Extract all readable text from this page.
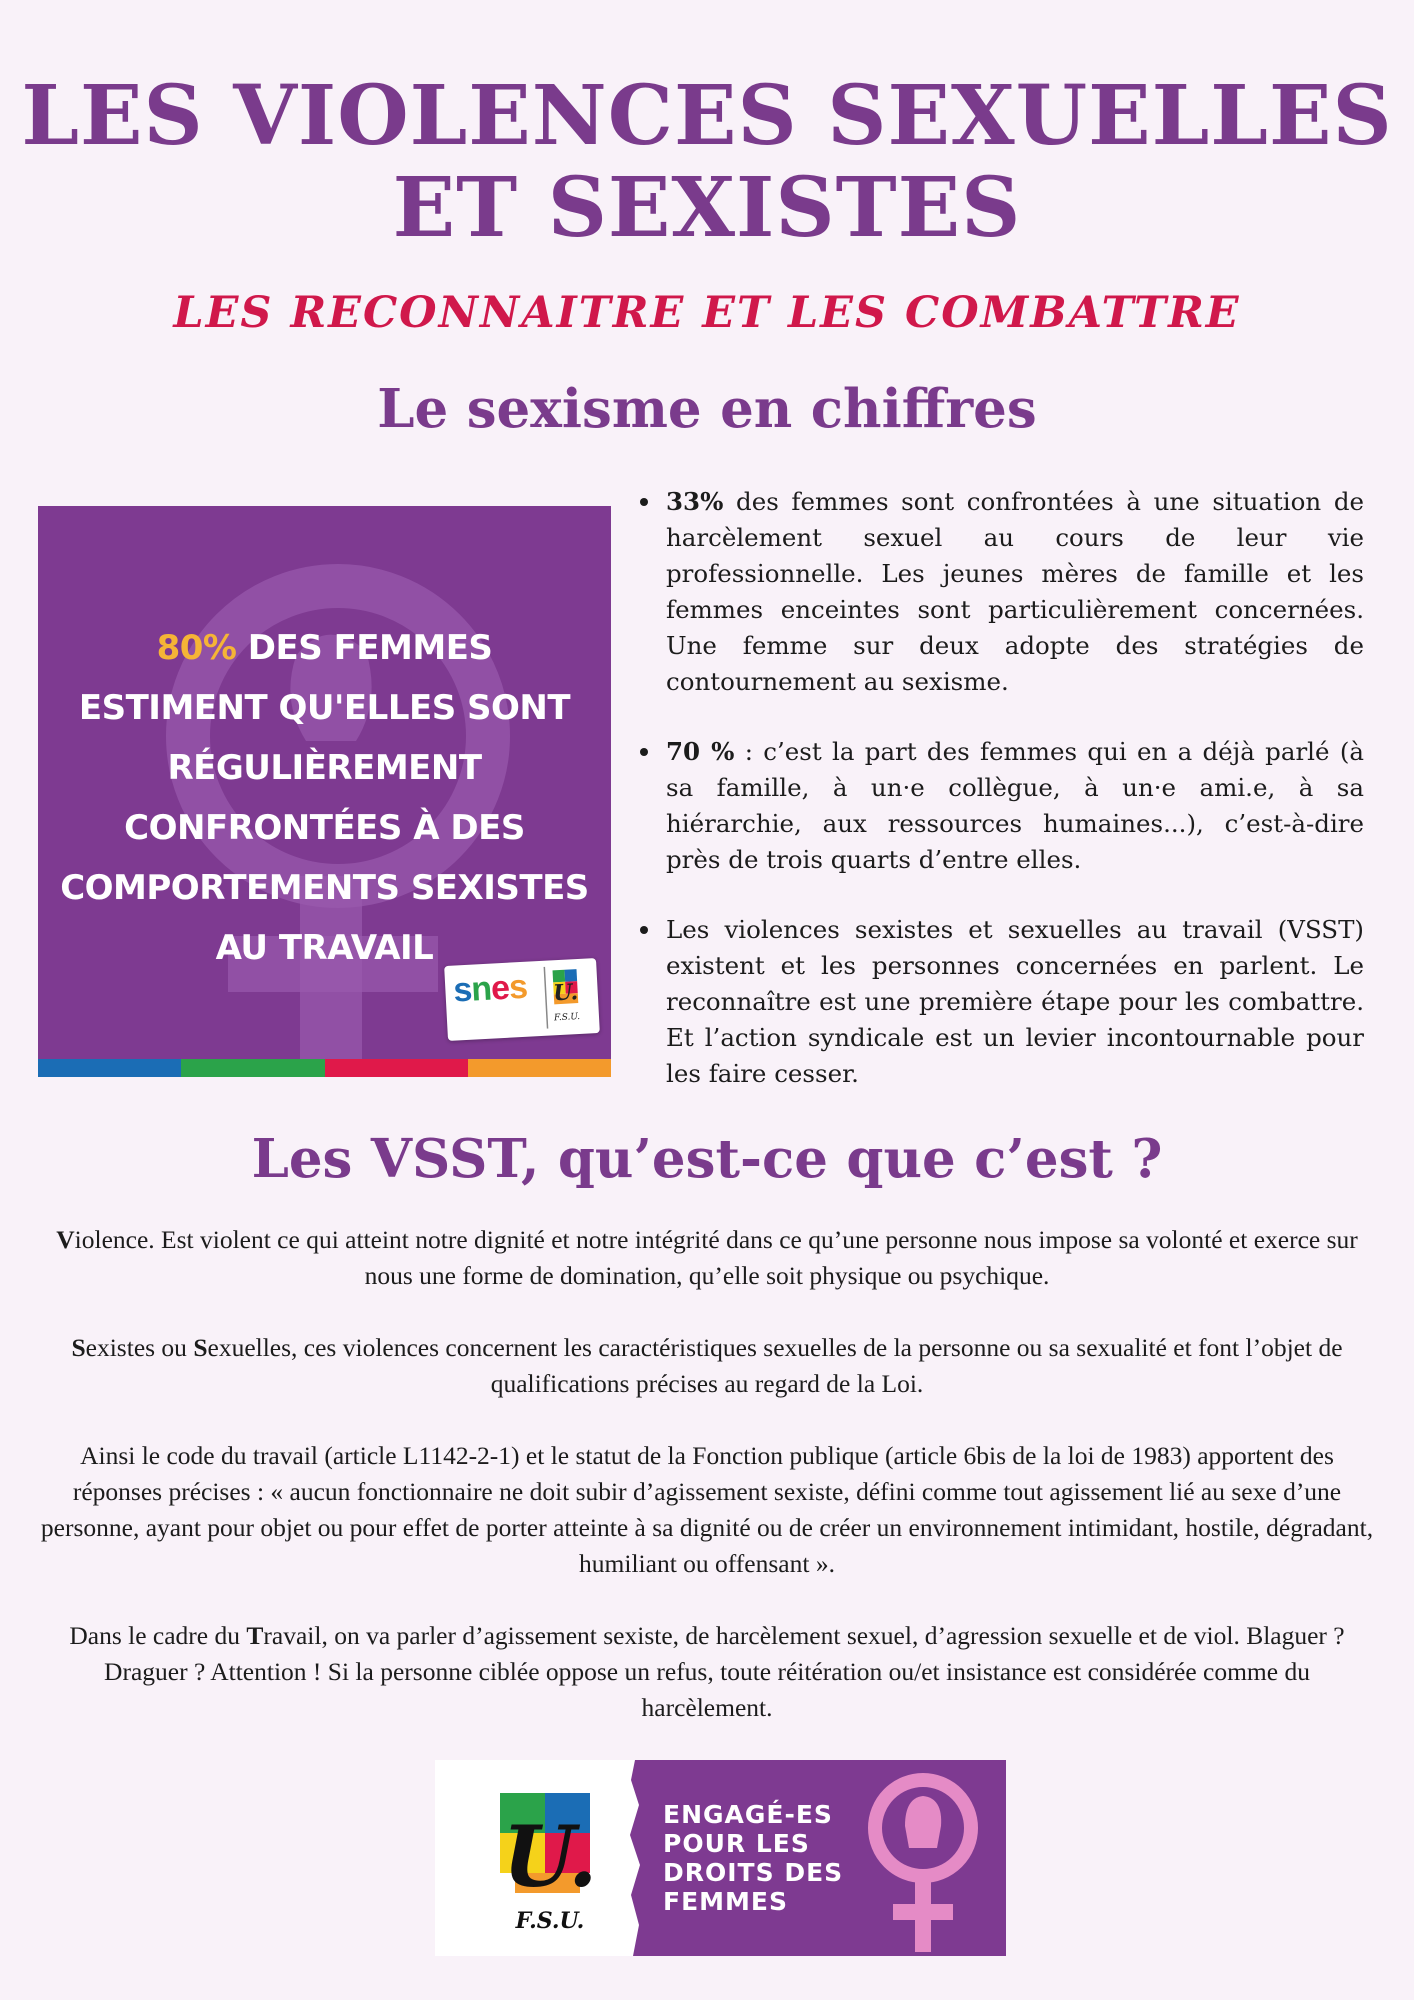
LES VIOLENCES SEXUELLES
ET SEXISTES
LES RECONNAITRE ET LES COMBATTRE
Le sexisme en chiffres
80% DES FEMMES ESTIMENT QU'ELLES SONT RÉGULIÈREMENT CONFRONTÉES À DES COMPORTEMENTS SEXISTES AU TRAVAIL
snes U.
F.S.U.
33% des femmes sont confrontées à une situation de harcèlement sexuel au cours de leur vie professionnelle. Les jeunes mères de famille et les femmes enceintes sont particulièrement concernées. Une femme sur deux adopte des stratégies de contournement au sexisme.
70 % : c’est la part des femmes qui en a déjà parlé (à sa famille, à un·e collègue, à un·e ami.e, à sa hiérarchie, aux ressources humaines...), c’est-à-dire près de trois quarts d’entre elles.
Les violences sexistes et sexuelles au travail (VSST) existent et les personnes concernées en parlent. Le reconnaître est une première étape pour les combattre. Et l’action syndicale est un levier incontournable pour les faire cesser.
Les VSST, qu’est-ce que c’est ?

Violence. Est violent ce qui atteint notre dignité et notre intégrité dans ce qu’une personne nous impose sa volonté et exerce sur nous une forme de domination, qu’elle soit physique ou psychique.

Sexistes ou Sexuelles, ces violences concernent les caractéristiques sexuelles de la personne ou sa sexualité et font l’objet de qualifications précises au regard de la Loi.

Ainsi le code du travail (article L1142-2-1) et le statut de la Fonction publique (article 6bis de la loi de 1983) apportent des réponses précises : « aucun fonctionnaire ne doit subir d’agissement sexiste, défini comme tout agissement lié au sexe d’une personne, ayant pour objet ou pour effet de porter atteinte à sa dignité ou de créer un environnement intimidant, hostile, dégradant, humiliant ou offensant ».

Dans le cadre du Travail, on va parler d’agissement sexiste, de harcèlement sexuel, d’agression sexuelle et de viol. Blaguer ? Draguer ? Attention ! Si la personne ciblée oppose un refus, toute réitération ou/et insistance est considérée comme du harcèlement.

U.
F.S.U.
ENGAGÉ-ES
POUR LES
DROITS DES
FEMMES
